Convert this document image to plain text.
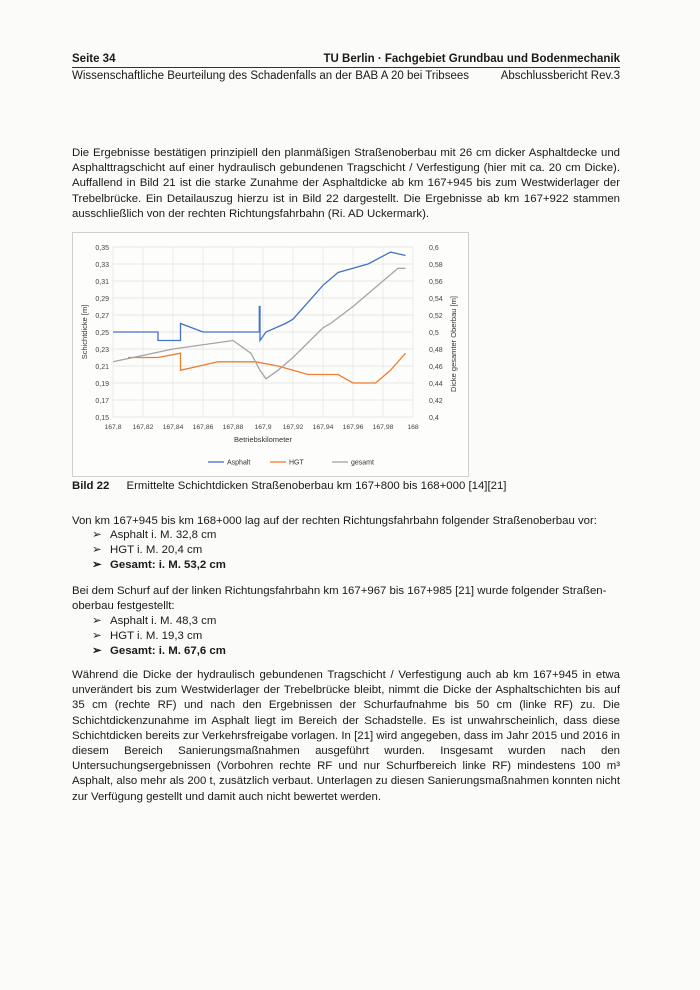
Seite 34	TU Berlin · Fachgebiet Grundbau und Bodenmechanik
Wissenschaftliche Beurteilung des Schadenfalls an der BAB A 20 bei Tribsees	Abschlussbericht Rev.3

Die Ergebnisse bestätigen prinzipiell den planmäßigen Straßenoberbau mit 26 cm dicker Asphaltdecke und Asphalttragschicht auf einer hydraulisch gebundenen Tragschicht / Verfestigung (hier mit ca. 20 cm Dicke). Auffallend in Bild 21 ist die starke Zunahme der Asphaltdicke ab km 167+945 bis zum Westwiderlager der Trebelbrücke. Ein Detailauszug hierzu ist in Bild 22 dargestellt. Die Ergebnisse ab km 167+922 stammen ausschließlich von der rechten Richtungsfahrbahn (Ri. AD Uckermark).

0,35
0,33
0,31
0,29
0,27
0,25
0,23
0,21
0,19
0,17
0,15
0,6
0,58
0,56
0,54
0,52
0,5
0,48
0,46
0,44
0,42
0,4
167,8 167,82 167,84 167,86 167,88 167,9 167,92 167,94 167,96 167,98 168
Betriebskilometer
Schichtdicke [m]	Dicke gesamter Oberbau [m]
Asphalt	HGT	gesamt
Bild 22 Ermittelte Schichtdicken Straßenoberbau km 167+800 bis 168+000 [14][21]

Von km 167+945 bis km 168+000 lag auf der rechten Richtungsfahrbahn folgender Straßenoberbau vor:

➢ Asphalt i. M. 32,8 cm
➢ HGT i. M. 20,4 cm
➢ Gesamt: i. M. 53,2 cm

Bei dem Schurf auf der linken Richtungsfahrbahn km 167+967 bis 167+985 [21] wurde folgender Straßen-oberbau festgestellt:

➢ Asphalt i. M. 48,3 cm
➢ HGT i. M. 19,3 cm
➢ Gesamt: i. M. 67,6 cm

Während die Dicke der hydraulisch gebundenen Tragschicht / Verfestigung auch ab km 167+945 in etwa unverändert bis zum Westwiderlager der Trebelbrücke bleibt, nimmt die Dicke der Asphaltschichten bis auf 35 cm (rechte RF) und nach den Ergebnissen der Schurfaufnahme bis 50 cm (linke RF) zu. Die Schichtdickenzunahme im Asphalt liegt im Bereich der Schadstelle. Es ist unwahrscheinlich, dass diese Schichtdicken bereits zur Verkehrsfreigabe vorlagen. In [21] wird angegeben, dass im Jahr 2015 und 2016 in diesem Bereich Sanierungsmaßnahmen ausgeführt wurden. Insgesamt wurden nach den Untersuchungsergebnissen (Vorbohren rechte RF und nur Schurfbereich linke RF) mindestens 100 m³ Asphalt, also mehr als 200 t, zusätzlich verbaut. Unterlagen zu diesen Sanierungsmaßnahmen konnten nicht zur Verfügung gestellt und damit auch nicht bewertet werden.
